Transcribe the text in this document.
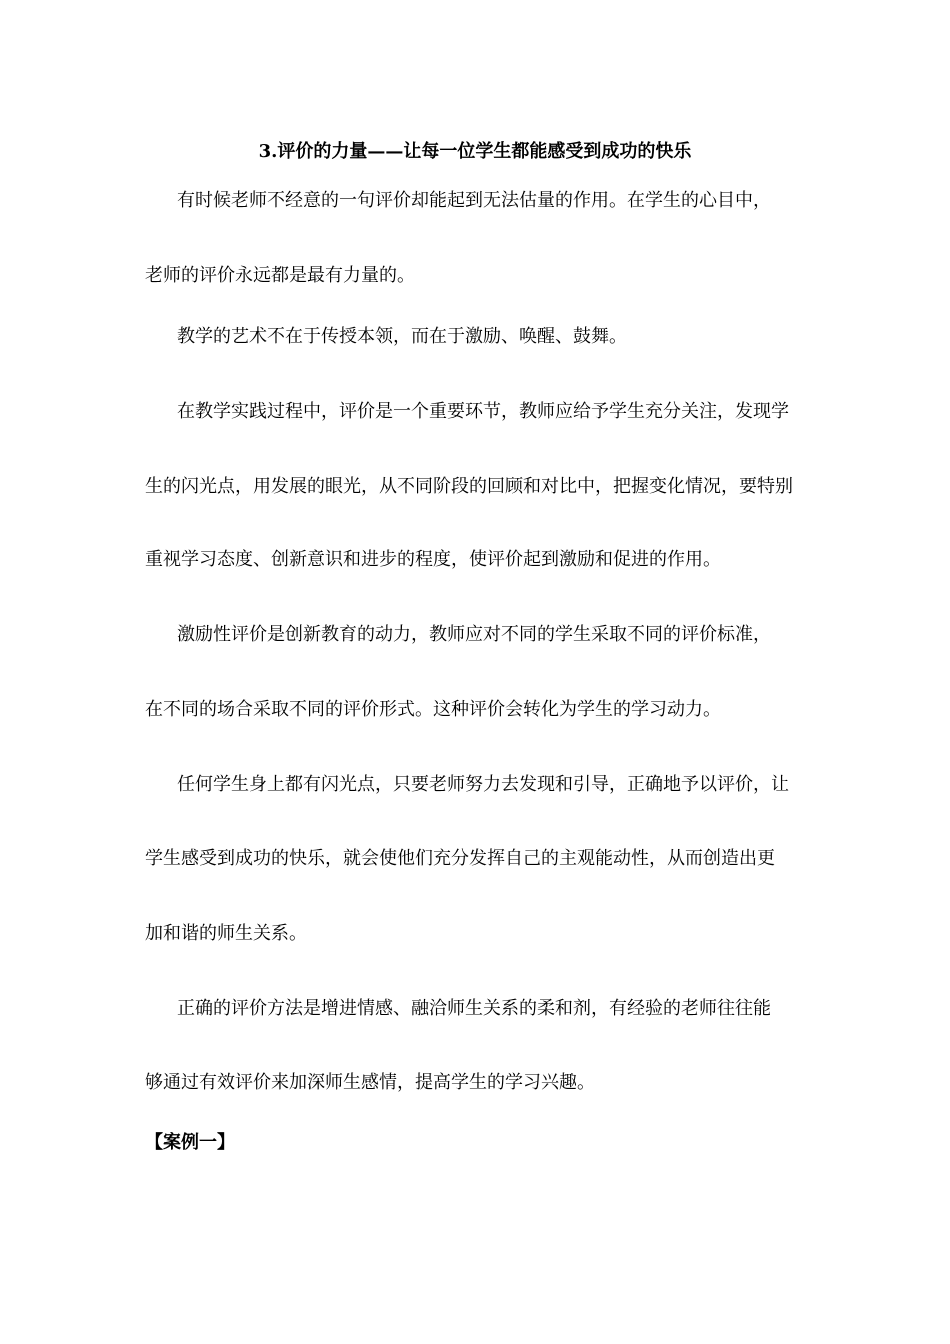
3.评价的力量——让每一位学生都能感受到成功的快乐
有时候老师不经意的一句评价却能起到无法估量的作用。在学生的心目中，
老师的评价永远都是最有力量的。
教学的艺术不在于传授本领，而在于激励、唤醒、鼓舞。
在教学实践过程中，评价是一个重要环节，教师应给予学生充分关注，发现学
生的闪光点，用发展的眼光，从不同阶段的回顾和对比中，把握变化情况，要特别
重视学习态度、创新意识和进步的程度，使评价起到激励和促进的作用。
激励性评价是创新教育的动力，教师应对不同的学生采取不同的评价标准，
在不同的场合采取不同的评价形式。这种评价会转化为学生的学习动力。
任何学生身上都有闪光点，只要老师努力去发现和引导，正确地予以评价，让
学生感受到成功的快乐，就会使他们充分发挥自己的主观能动性，从而创造出更
加和谐的师生关系。
正确的评价方法是增进情感、融洽师生关系的柔和剂，有经验的老师往往能
够通过有效评价来加深师生感情，提高学生的学习兴趣。
【案例一】
